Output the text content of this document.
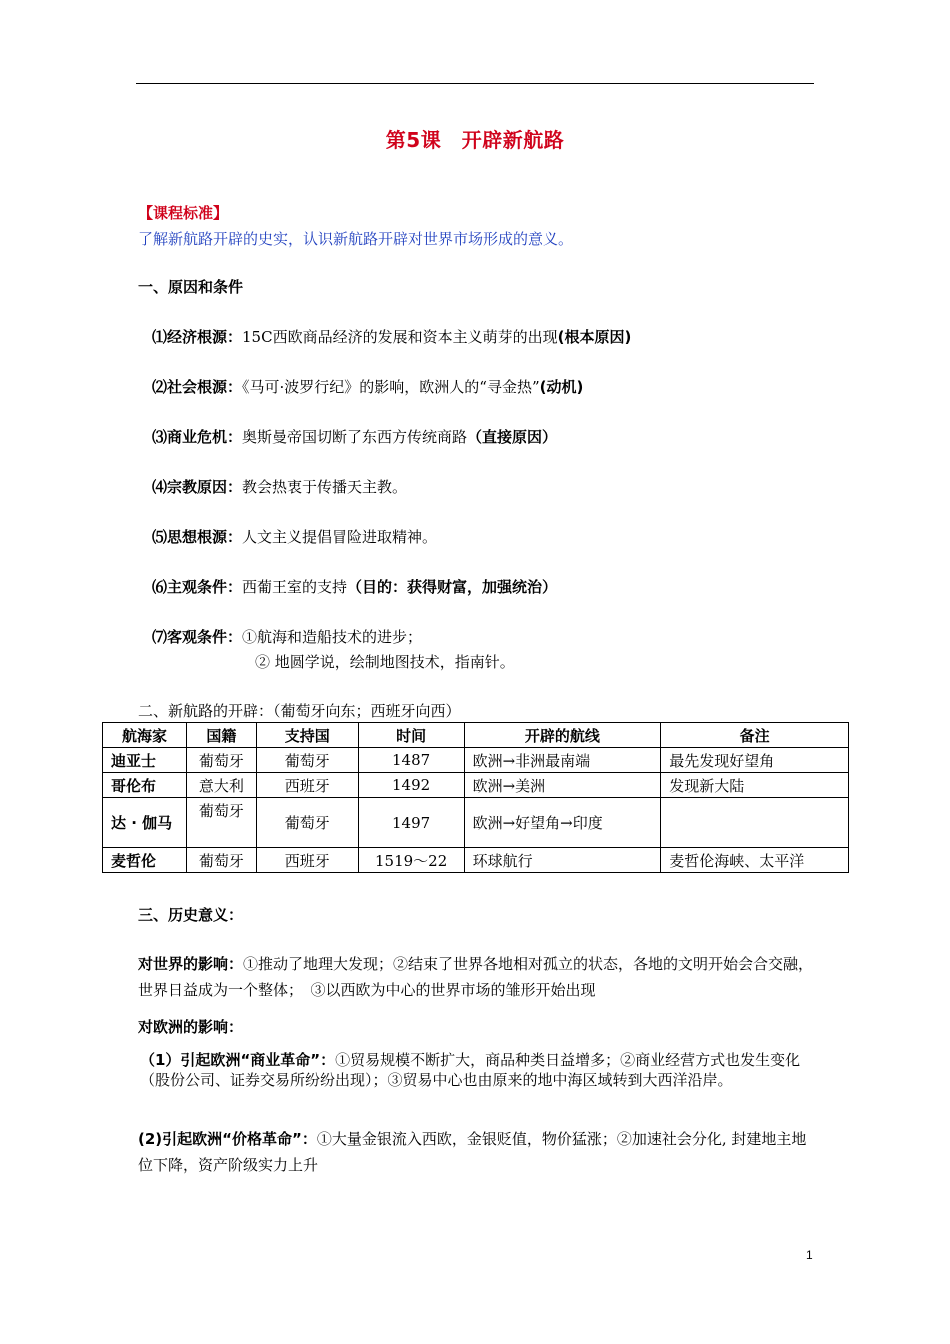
第5课　开辟新航路
【课程标准】
了解新航路开辟的史实，认识新航路开辟对世界市场形成的意义。
一、原因和条件
⑴经济根源：15C西欧商品经济的发展和资本主义萌芽的出现(根本原因)
⑵社会根源：《马可·波罗行纪》的影响，欧洲人的“寻金热”(动机)
⑶商业危机：奥斯曼帝国切断了东西方传统商路（直接原因）
⑷宗教原因：教会热衷于传播天主教。
⑸思想根源：人文主义提倡冒险进取精神。
⑹主观条件：西葡王室的支持（目的：获得财富，加强统治）
⑺客观条件：①航海和造船技术的进步；
② 地圆学说，绘制地图技术，指南针。
二、新航路的开辟：（葡萄牙向东；西班牙向西）
航海家	国籍	支持国	时间	开辟的航线	备注
迪亚士	葡萄牙	葡萄牙	1487	欧洲→非洲最南端	最先发现好望角
哥伦布	意大利	西班牙	1492	欧洲→美洲	发现新大陆
达 · 伽马	葡萄牙	葡萄牙	1497	欧洲→好望角→印度	
麦哲伦	葡萄牙	西班牙	1519～22	环球航行	麦哲伦海峡、太平洋
三、历史意义：
对世界的影响：①推动了地理大发现；②结束了世界各地相对孤立的状态，各地的文明开始会合交融，世界日益成为一个整体；　③以西欧为中心的世界市场的雏形开始出现
对欧洲的影响：
（1）引起欧洲“商业革命”：①贸易规模不断扩大，商品种类日益增多；②商业经营方式也发生变化（股份公司、证券交易所纷纷出现）；③贸易中心也由原来的地中海区域转到大西洋沿岸。
(2)引起欧洲“价格革命”：①大量金银流入西欧，金银贬值，物价猛涨；②加速社会分化, 封建地主地位下降，资产阶级实力上升
1
